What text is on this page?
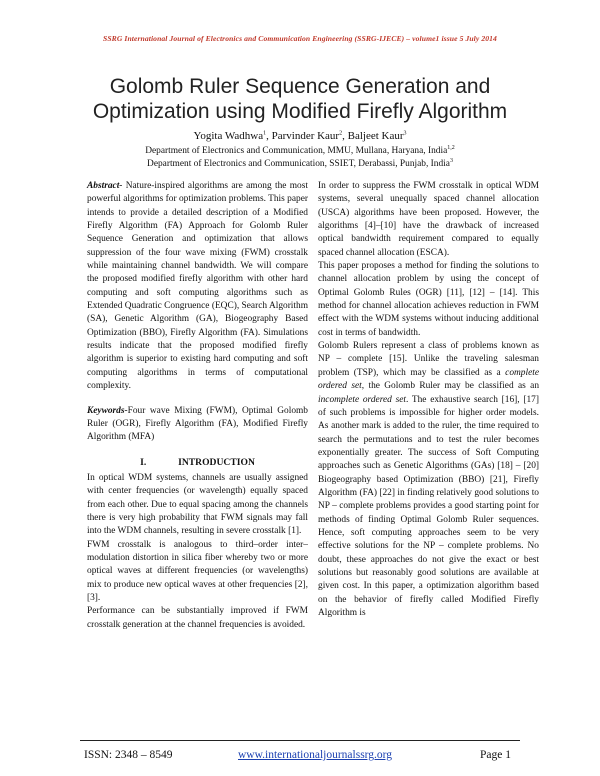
SSRG International Journal of Electronics and Communication Engineering (SSRG-IJECE) – volume1 issue 5 July 2014
Golomb Ruler Sequence Generation and
Optimization using Modified Firefly Algorithm
Yogita Wadhwa$^1$, Parvinder Kaur$^2$, Baljeet Kaur$^3$
Department of Electronics and Communication, MMU, Mullana, Haryana, India$^{1,2}$
Department of Electronics and Communication, SSIET, Derabassi, Punjab, India$^3$

Abstract- Nature-inspired algorithms are among the most powerful algorithms for optimization problems. This paper intends to provide a detailed description of a Modified Firefly Algorithm (FA) Approach for Golomb Ruler Sequence Generation and optimization that allows suppression of the four wave mixing (FWM) crosstalk while maintaining channel bandwidth. We will compare the proposed modified firefly algorithm with other hard computing and soft computing algorithms such as Extended Quadratic Congruence (EQC), Search Algorithm (SA), Genetic Algorithm (GA), Biogeography Based Optimization (BBO), Firefly Algorithm (FA). Simulations results indicate that the proposed modified firefly algorithm is superior to existing hard computing and soft computing algorithms in terms of computational complexity.

Keywords-Four wave Mixing (FWM), Optimal Golomb Ruler (OGR), Firefly Algorithm (FA), Modified Firefly Algorithm (MFA)

I.	INTRODUCTION

In optical WDM systems, channels are usually assigned with center frequencies (or wavelength) equally spaced from each other. Due to equal spacing among the channels there is very high probability that FWM signals may fall into the WDM channels, resulting in severe crosstalk [1].

FWM crosstalk is analogous to third–order inter–modulation distortion in silica fiber whereby two or more optical waves at different frequencies (or wavelengths) mix to produce new optical waves at other frequencies [2], [3].

Performance can be substantially improved if FWM crosstalk generation at the channel frequencies is avoided.

In order to suppress the FWM crosstalk in optical WDM systems, several unequally spaced channel allocation (USCA) algorithms have been proposed. However, the algorithms [4]–[10] have the drawback of increased optical bandwidth requirement compared to equally spaced channel allocation (ESCA).

This paper proposes a method for finding the solutions to channel allocation problem by using the concept of Optimal Golomb Rules (OGR) [11], [12] – [14]. This method for channel allocation achieves reduction in FWM effect with the WDM systems without inducing additional cost in terms of bandwidth.

Golomb Rulers represent a class of problems known as NP – complete [15]. Unlike the traveling salesman problem (TSP), which may be classified as a complete ordered set, the Golomb Ruler may be classified as an incomplete ordered set. The exhaustive search [16], [17] of such problems is impossible for higher order models. As another mark is added to the ruler, the time required to search the permutations and to test the ruler becomes exponentially greater. The success of Soft Computing approaches such as Genetic Algorithms (GAs) [18] – [20] Biogeography based Optimization (BBO) [21], Firefly Algorithm (FA) [22] in finding relatively good solutions to NP – complete problems provides a good starting point for methods of finding Optimal Golomb Ruler sequences. Hence, soft computing approaches seem to be very effective solutions for the NP – complete problems. No doubt, these approaches do not give the exact or best solutions but reasonably good solutions are available at given cost. In this paper, a optimization algorithm based on the behavior of firefly called Modified Firefly Algorithm is

ISSN: 2348 – 8549	www.internationaljournalssrg.org	Page 1
